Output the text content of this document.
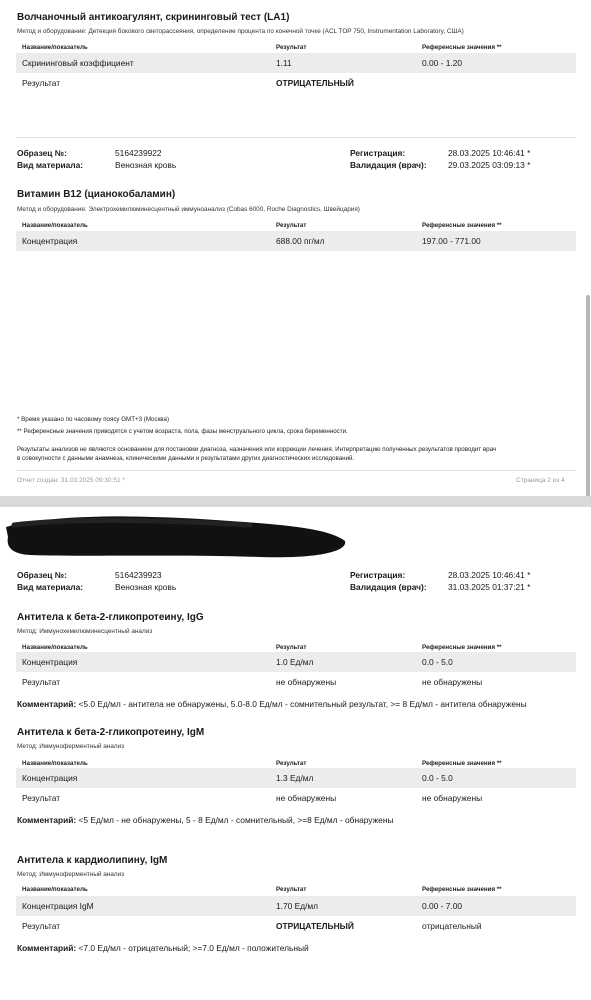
Волчаночный антикоагулянт, скрининговый тест (LA1)
Метод и оборудование: Детекция бокового светорассеяния, определение процента по конечной точке (ACL TOP 750, Instrumentation Laboratory, США)
Название/показатель	Результат	Референсные значения **
Скрининговый коэффициент	1.11	0.00 - 1.20
Результат	ОТРИЦАТЕЛЬНЫЙ
Образец №:	5164239922
Вид материала:	Венозная кровь
Регистрация:	28.03.2025 10:46:41 *
Валидация (врач):	29.03.2025 03:09:13 *
Витамин B12 (цианокобаламин)
Метод и оборудование: Электрохемилюминесцентный иммуноанализ (Cobas 6000, Roche Diagnostics, Швейцария)
Название/показатель	Результат	Референсные значения **
Концентрация	688.00 пг/мл	197.00 - 771.00
* Время указано по часовому поясу GMT+3 (Москва)
** Референсные значения приводятся с учетом возраста, пола, фазы менструального цикла, срока беременности.
Результаты анализов не являются основанием для постановки диагноза, назначения или коррекции лечения. Интерпретацию полученных результатов проводит врач
в совокупности с данными анамнеза, клиническими данными и результатами других диагностических исследований.
Отчет создан: 31.03.2025 09:30:51 *	Страница 2 из 4
Образец №:	5164239923
Вид материала:	Венозная кровь
Регистрация:	28.03.2025 10:46:41 *
Валидация (врач):	31.03.2025 01:37:21 *
Антитела к бета-2-гликопротеину, IgG
Метод: Иммунохемилюминесцентный анализ
Название/показатель	Результат	Референсные значения **
Концентрация	1.0 Ед/мл	0.0 - 5.0
Результат	не обнаружены	не обнаружены
Комментарий: <5.0 Ед/мл - антитела не обнаружены, 5.0-8.0 Ед/мл - сомнительный результат, >= 8 Ед/мл - антитела обнаружены
Антитела к бета-2-гликопротеину, IgM
Метод: Иммуноферментный анализ
Название/показатель	Результат	Референсные значения **
Концентрация	1.3 Ед/мл	0.0 - 5.0
Результат	не обнаружены	не обнаружены
Комментарий: <5 Ед/мл - не обнаружены, 5 - 8 Ед/мл - сомнительный, >=8 Ед/мл - обнаружены
Антитела к кардиолипину, IgM
Метод: Иммуноферментный анализ
Название/показатель	Результат	Референсные значения **
Концентрация IgM	1.70 Ед/мл	0.00 - 7.00
Результат	ОТРИЦАТЕЛЬНЫЙ	отрицательный
Комментарий: <7.0 Ед/мл - отрицательный; >=7.0 Ед/мл - положительный
